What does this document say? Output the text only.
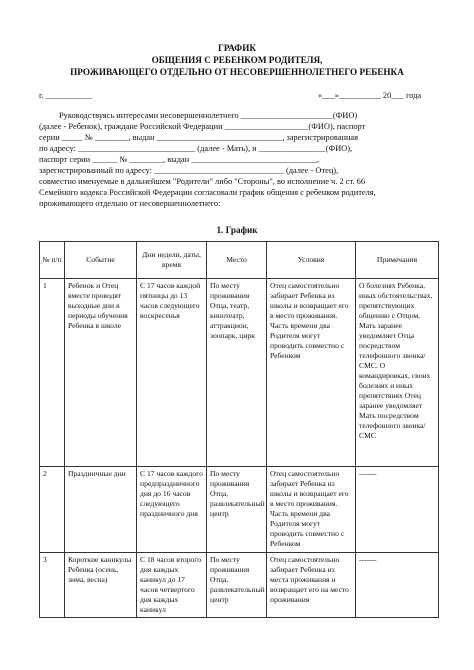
ГРАФИК
ОБЩЕНИЯ С РЕБЕНКОМ РОДИТЕЛЯ,
ПРОЖИВАЮЩЕГО ОТДЕЛЬНО ОТ НЕСОВЕРШЕННОЛЕТНЕГО РЕБЕНКА
г. ___________	«___»__________ 20___ года
Руководствуясь интересами несовершеннолетнего ______________________(ФИО)
(далее - Ребенок), граждане Российской Федерации ____________________(ФИО), паспорт
серии _____ № ________, выдан ______________________________, зарегистрированная
по адресу: ____________________________ (далее - Мать), и ________________(ФИО),
паспорт серии ______ № ________, выдан ______________________________,
зарегистрированный по адресу: _______________________________ (далее - Отец),
совместно именуемые в дальнейшем "Родители" либо "Стороны", во исполнение ч. 2 ст. 66
Семейного кодекса Российской Федерации согласовали график общения с ребенком родителя,
проживающего отдельно от несовершеннолетнего:
1. График
№ п/п	Событие	Дни недели, даты, время	Место	Условия	Примечания
1	Ребенок и Отец вместе проводят выходные дни в периоды обучения Ребенка в школе	С 17 часов каждой пятницы до 13 часов следующего воскресенья	По месту проживания Отца, театр, кинотеатр, аттракцион, зоопарк, цирк	Отец самостоятельно забирает Ребенка из школы и возвращает его в место проживания. Часть времени два Родителя могут проводить совместно с Ребенком	О болезнях Ребенка, иных обстоятельствах, препятствующих общению с Отцом, Мать заранее уведомляет Отца посредством телефонного звонка/СМС. О командировках, своих болезнях и иных препятствиях Отец заранее уведомляет Мать посредством телефонного звонка/СМС
2	Праздничные дни	С 17 часов каждого предпраздничного дня до 16 часов следующего праздничного дня	По месту проживания Отца, развлекательный центр	Отец самостоятельно забирает Ребенка из школы и возвращает его в место проживания. Часть времени два Родителя могут проводить совместно с Ребенком	-------
3	Короткие каникулы Ребенка (осень, зима, весна)	С 18 часов второго дня каждых каникул до 17 часов четвертого дня каждых каникул	По месту проживания Отца, развлекательный центр	Отец самостоятельно забирает Ребенка из места проживания и возвращает его на место проживания	-------
